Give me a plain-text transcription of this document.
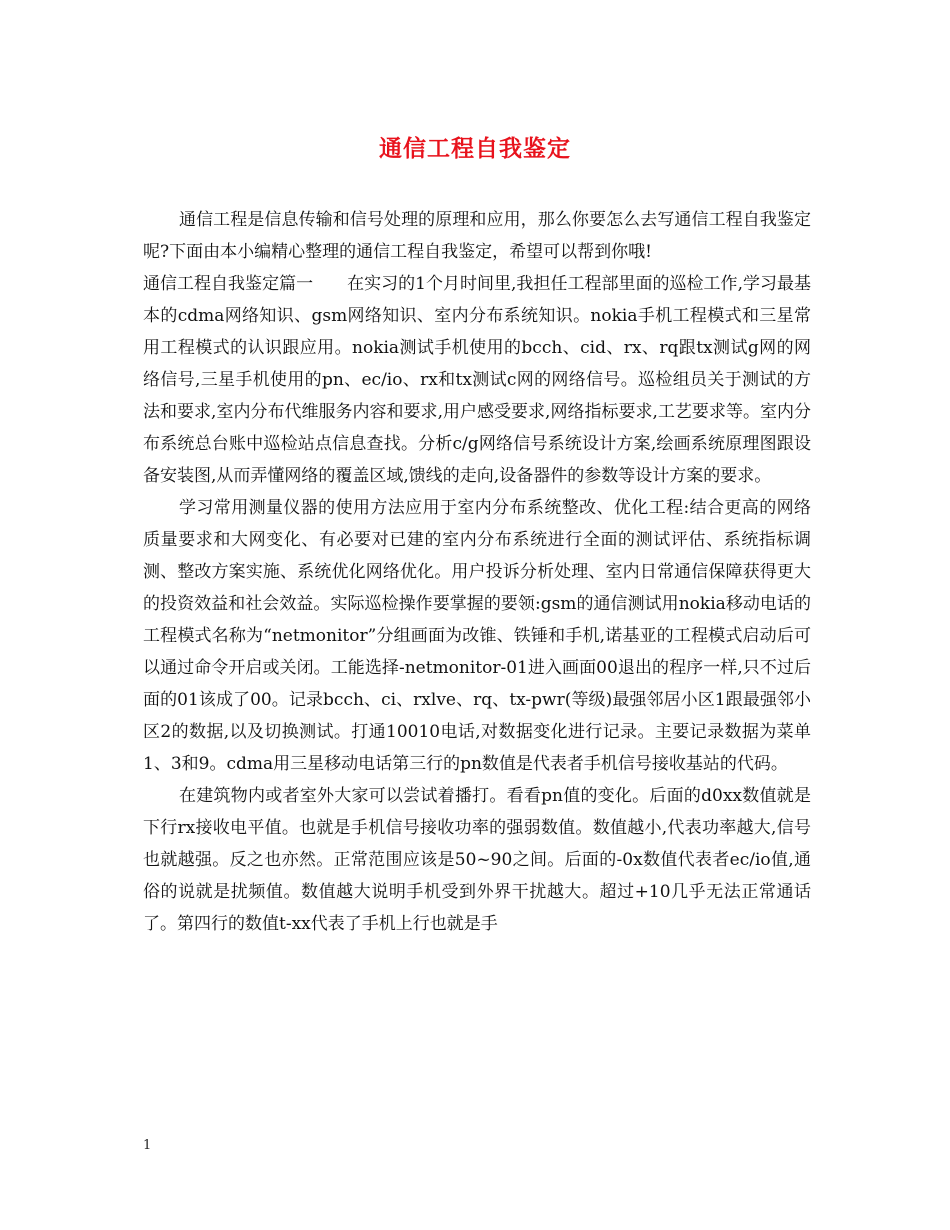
通信工程自我鉴定

通信工程是信息传输和信号处理的原理和应用，那么你要怎么去写通信工程自我鉴定呢?下面由本小编精心整理的通信工程自我鉴定，希望可以帮到你哦!

通信工程自我鉴定篇一 在实习的1个月时间里,我担任工程部里面的巡检工作,学习最基本的cdma网络知识、gsm网络知识、室内分布系统知识。nokia手机工程模式和三星常用工程模式的认识跟应用。nokia测试手机使用的bcch、cid、rx、rq跟tx测试g网的网络信号,三星手机使用的pn、ec/io、rx和tx测试c网的网络信号。巡检组员关于测试的方法和要求,室内分布代维服务内容和要求,用户感受要求,网络指标要求,工艺要求等。室内分布系统总台账中巡检站点信息查找。分析c/g网络信号系统设计方案,绘画系统原理图跟设备安装图,从而弄懂网络的覆盖区域,馈线的走向,设备器件的参数等设计方案的要求。

学习常用测量仪器的使用方法应用于室内分布系统整改、优化工程:结合更高的网络质量要求和大网变化、有必要对已建的室内分布系统进行全面的测试评估、系统指标调测、整改方案实施、系统优化网络优化。用户投诉分析处理、室内日常通信保障获得更大的投资效益和社会效益。实际巡检操作要掌握的要领:gsm的通信测试用nokia移动电话的工程模式名称为“netmonitor”分组画面为改锥、铁锤和手机,诺基亚的工程模式启动后可以通过命令开启或关闭。工能选择-netmonitor-01进入画面00退出的程序一样,只不过后面的01该成了00。记录bcch、ci、rxlve、rq、tx-pwr(等级)最强邻居小区1跟最强邻小区2的数据,以及切换测试。打通10010电话,对数据变化进行记录。主要记录数据为菜单1、3和9。cdma用三星移动电话第三行的pn数值是代表者手机信号接收基站的代码。

在建筑物内或者室外大家可以尝试着播打。看看pn值的变化。后面的d0xx数值就是下行rx接收电平值。也就是手机信号接收功率的强弱数值。数值越小,代表功率越大,信号也就越强。反之也亦然。正常范围应该是50~90之间。后面的-0x数值代表者ec/io值,通俗的说就是扰频值。数值越大说明手机受到外界干扰越大。超过+10几乎无法正常通话了。第四行的数值t-xx代表了手机上行也就是手

1
